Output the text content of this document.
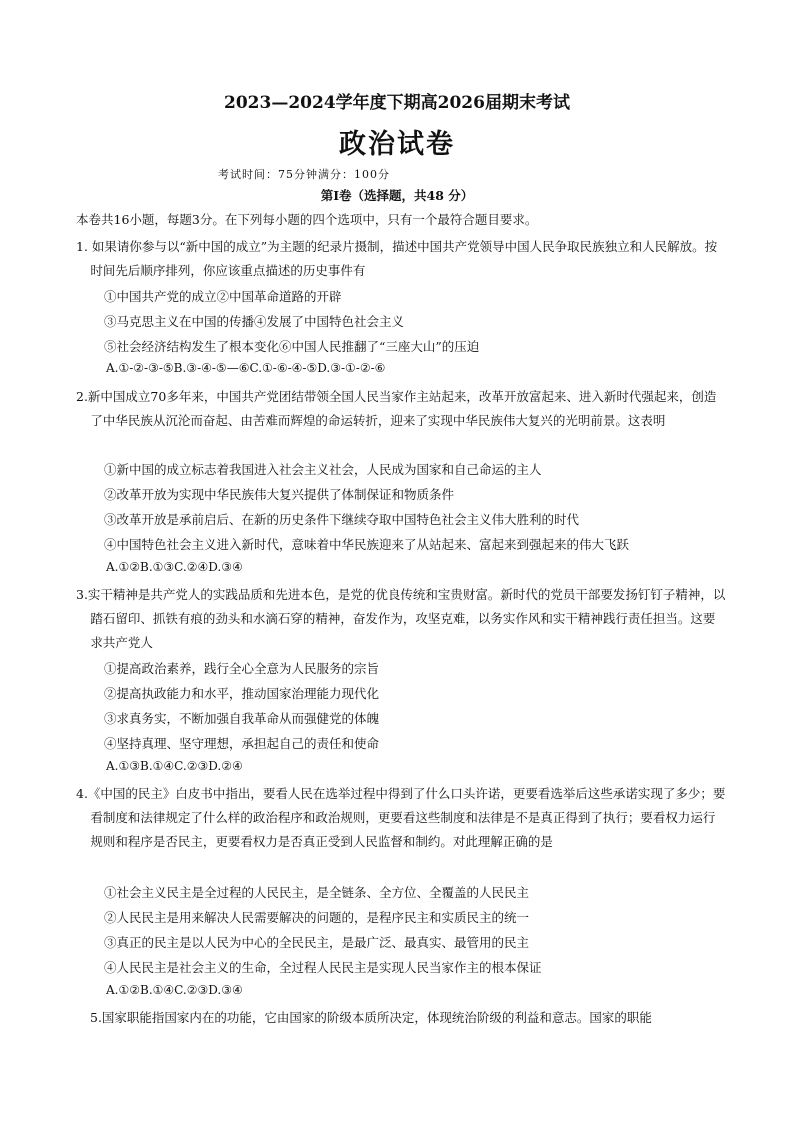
2023—2024学年度下期高2026届期末考试
政治试卷
考试时间：75分钟满分：100分
第Ⅰ卷（选择题，共48 分）
本卷共16小题，每题3分。在下列每小题的四个选项中，只有一个最符合题目要求。
1. 如果请你参与以“新中国的成立”为主题的纪录片摄制，描述中国共产党领导中国人民争取民族独立和人民解放。按时间先后顺序排列，你应该重点描述的历史事件有
①中国共产党的成立②中国革命道路的开辟
③马克思主义在中国的传播④发展了中国特色社会主义
⑤社会经济结构发生了根本变化⑥中国人民推翻了“三座大山”的压迫
A.①-②-③-⑤B.③-④-⑤—⑥C.①-⑥-④-⑤D.③-①-②-⑥
2.新中国成立70多年来，中国共产党团结带领全国人民当家作主站起来，改革开放富起来、进入新时代强起来，创造了中华民族从沉沦而奋起、由苦难而辉煌的命运转折，迎来了实现中华民族伟大复兴的光明前景。这表明
①新中国的成立标志着我国进入社会主义社会，人民成为国家和自己命运的主人
②改革开放为实现中华民族伟大复兴提供了体制保证和物质条件
③改革开放是承前启后、在新的历史条件下继续夺取中国特色社会主义伟大胜利的时代
④中国特色社会主义进入新时代，意味着中华民族迎来了从站起来、富起来到强起来的伟大飞跃
A.①②B.①③C.②④D.③④
3.实干精神是共产党人的实践品质和先进本色，是党的优良传统和宝贵财富。新时代的党员干部要发扬钉钉子精神，以踏石留印、抓铁有痕的劲头和水滴石穿的精神，奋发作为，攻坚克难，以务实作风和实干精神践行责任担当。这要求共产党人
①提高政治素养，践行全心全意为人民服务的宗旨
②提高执政能力和水平，推动国家治理能力现代化
③求真务实，不断加强自我革命从而强健党的体魄
④坚持真理、坚守理想，承担起自己的责任和使命
A.①③B.①④C.②③D.②④
4.《中国的民主》白皮书中指出，要看人民在选举过程中得到了什么口头许诺，更要看选举后这些承诺实现了多少；要看制度和法律规定了什么样的政治程序和政治规则，更要看这些制度和法律是不是真正得到了执行；要看权力运行规则和程序是否民主，更要看权力是否真正受到人民监督和制约。对此理解正确的是
①社会主义民主是全过程的人民民主，是全链条、全方位、全覆盖的人民民主
②人民民主是用来解决人民需要解决的问题的，是程序民主和实质民主的统一
③真正的民主是以人民为中心的全民民主，是最广泛、最真实、最管用的民主
④人民民主是社会主义的生命，全过程人民民主是实现人民当家作主的根本保证
A.①②B.①④C.②③D.③④
5.国家职能指国家内在的功能，它由国家的阶级本质所决定，体现统治阶级的利益和意志。国家的职能
